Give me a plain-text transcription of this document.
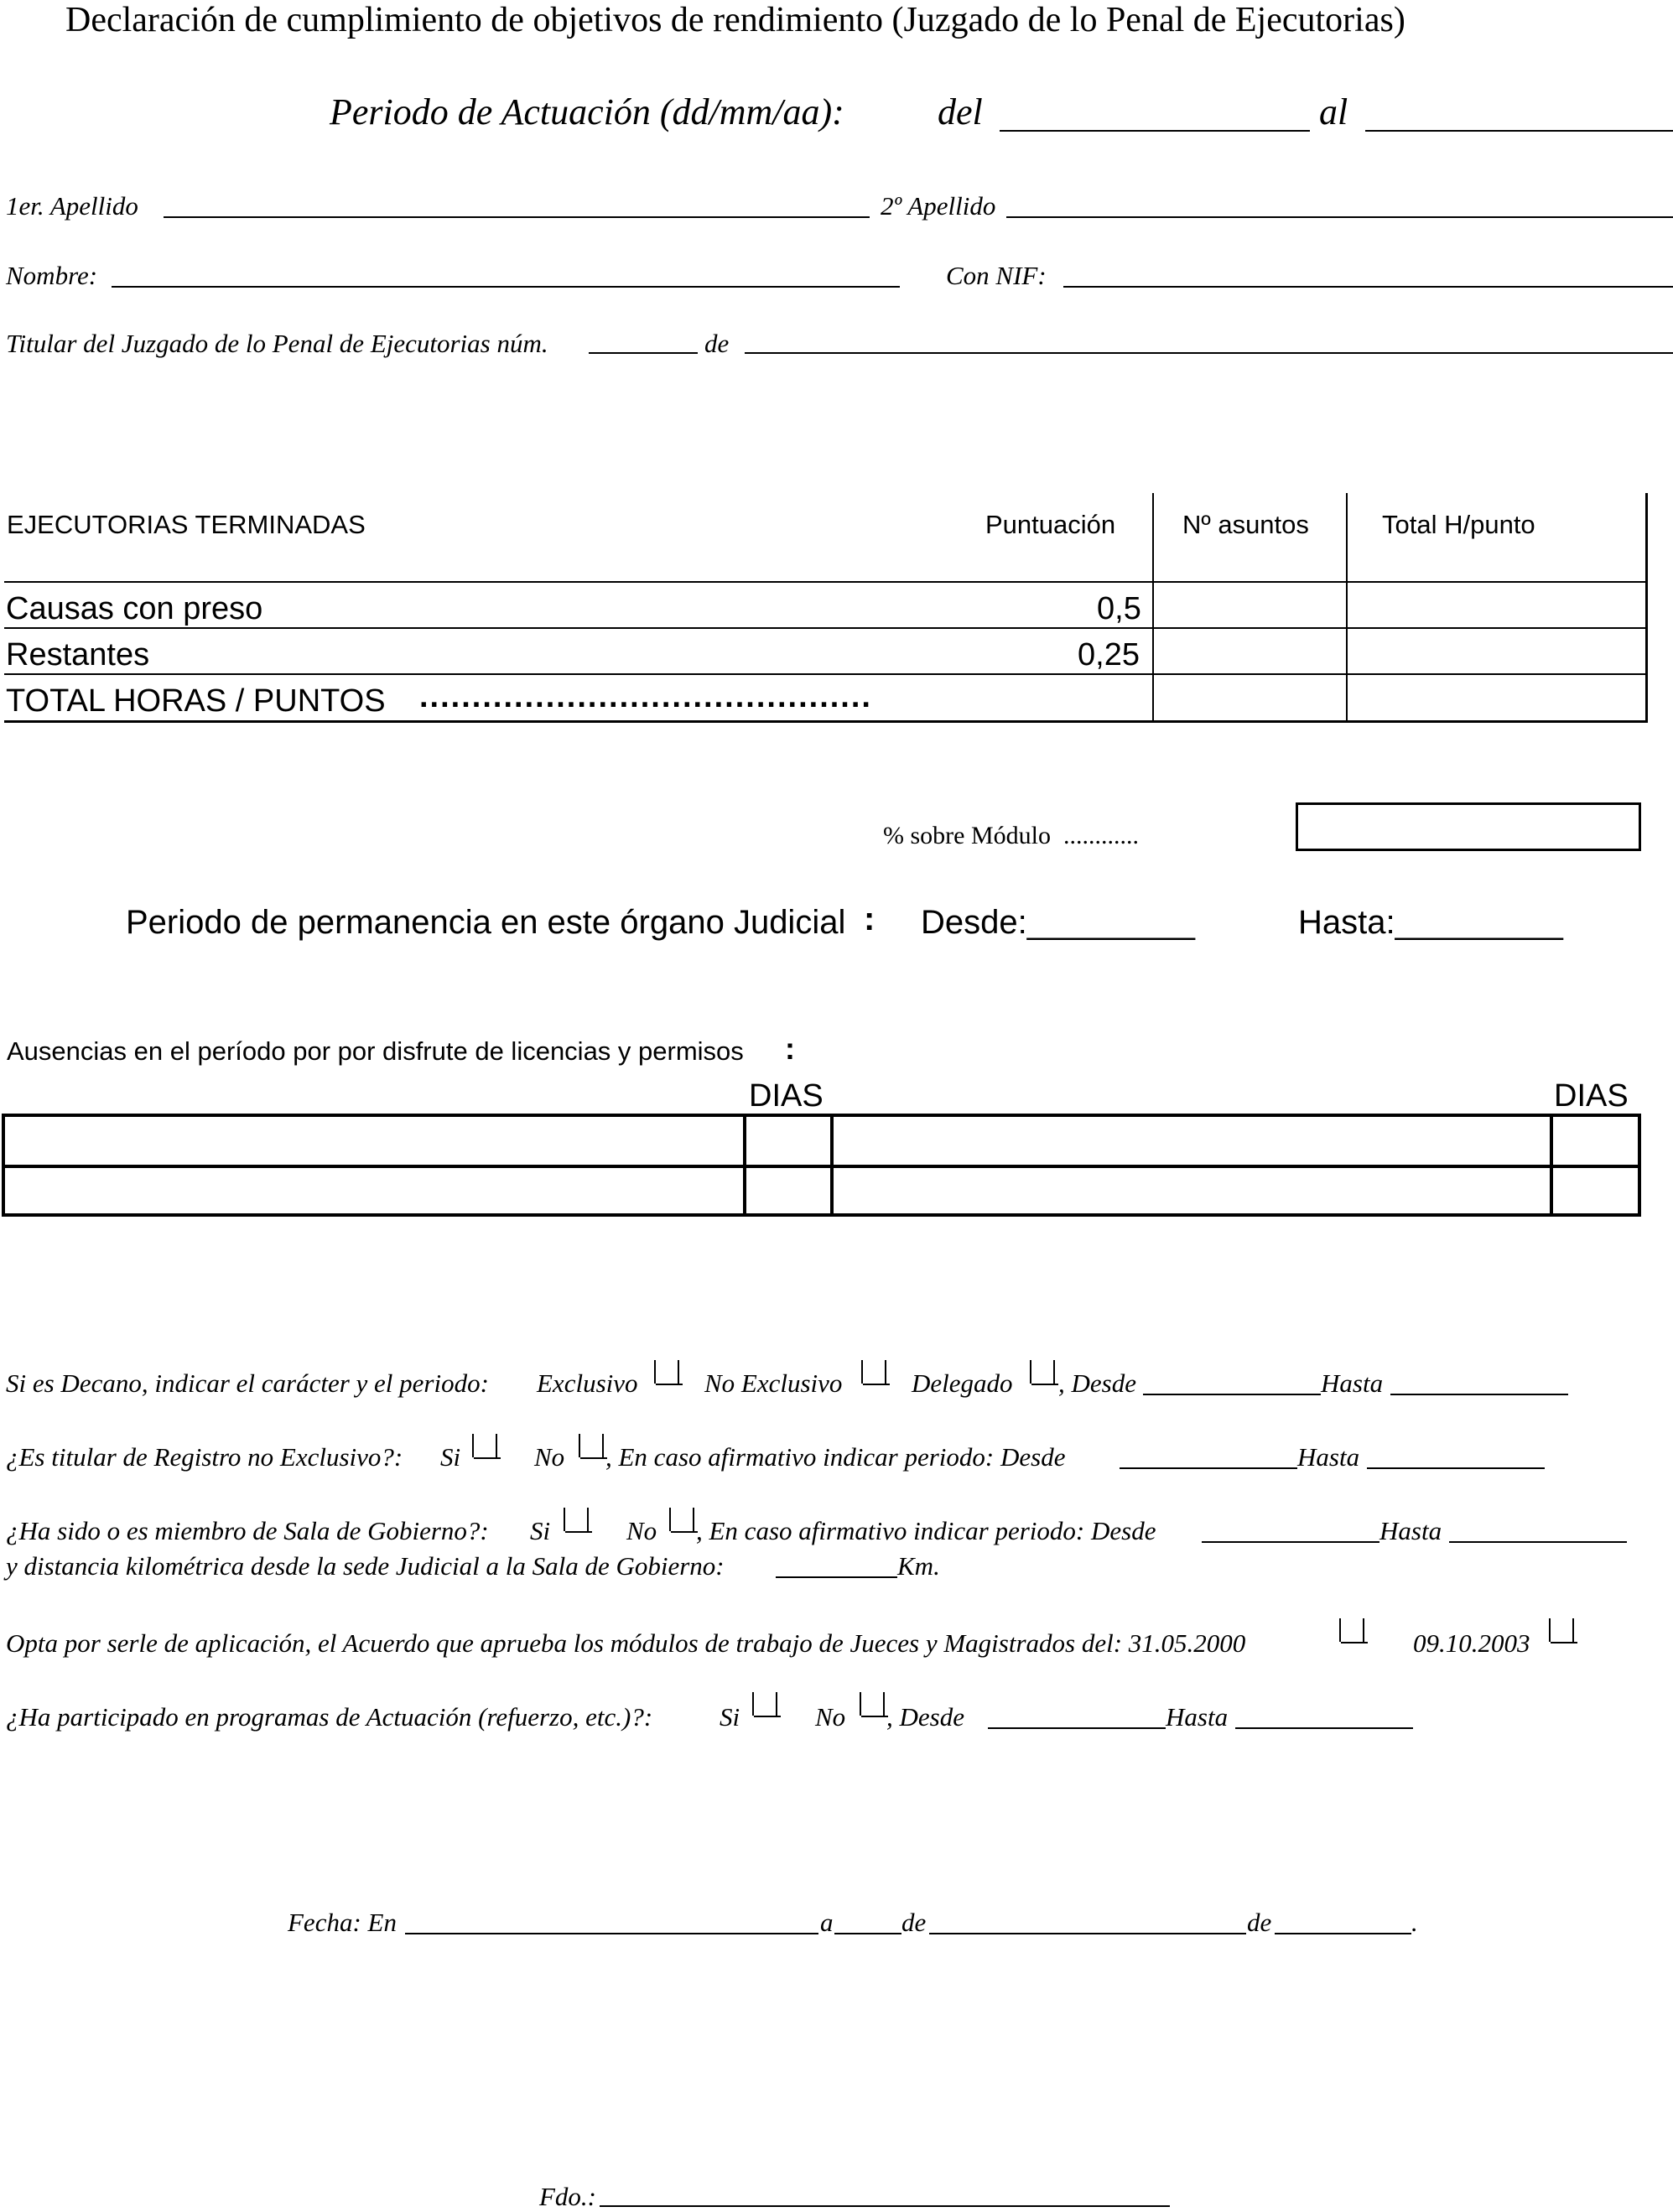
Declaración de cumplimiento de objetivos de rendimiento (Juzgado de lo Penal de Ejecutorias)
Periodo de Actuación (dd/mm/aa):	del	al
1er. Apellido	2º Apellido
Nombre:	Con NIF:
Titular del Juzgado de lo Penal de Ejecutorias núm.	de
EJECUTORIAS TERMINADAS	Puntuación	Nº asuntos	Total H/punto
Causas con preso	0,5
Restantes	0,25
TOTAL HORAS / PUNTOS ...........................................
% sobre Módulo ............
Periodo de permanencia en este órgano Judicial : Desde:_________	Hasta:_________
Ausencias en el período por por disfrute de licencias y permisos :
DIAS	DIAS
Si es Decano, indicar el carácter y el periodo: Exclusivo	No Exclusivo	Delegado , Desde	Hasta
¿Es titular de Registro no Exclusivo?: Si	No , En caso afirmativo indicar periodo: Desde	Hasta
¿Ha sido o es miembro de Sala de Gobierno?: Si	No , En caso afirmativo indicar periodo: Desde	Hasta
y distancia kilométrica desde la sede Judicial a la Sala de Gobierno:	Km.
Opta por serle de aplicación, el Acuerdo que aprueba los módulos de trabajo de Jueces y Magistrados del: 31.05.2000	09.10.2003
¿Ha participado en programas de Actuación (refuerzo, etc.)?:	Si	No , Desde	Hasta
Fecha: En	a	de	de	.
Fdo.:
